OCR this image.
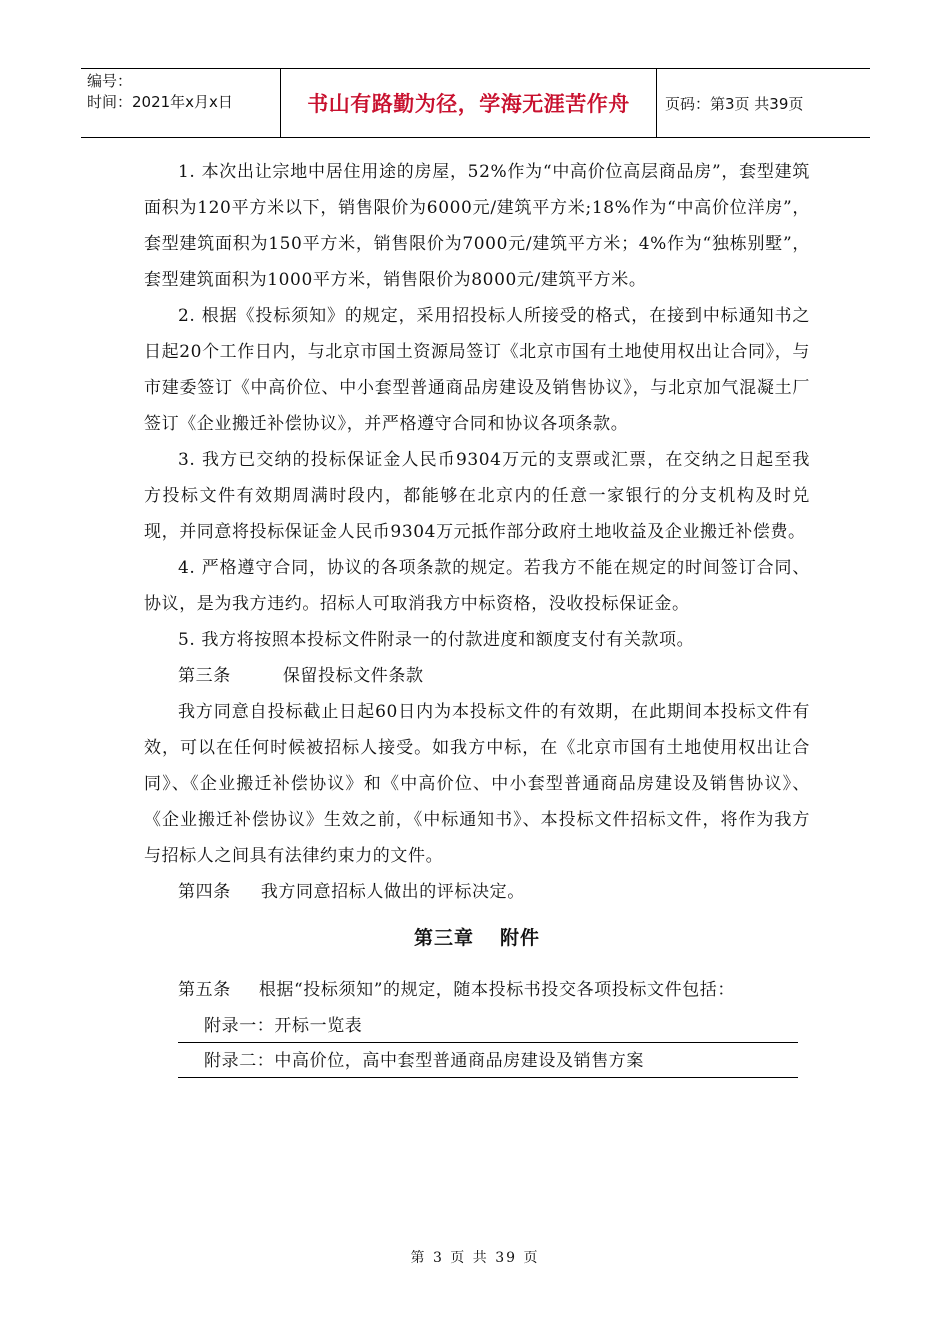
编号：
时间：2021年x月x日	书山有路勤为径，学海无涯苦作舟 页码：第3页 共39页

1. 本次出让宗地中居住用途的房屋，52%作为“中高价位高层商品房”，套型建筑面积为120平方米以下，销售限价为6000元/建筑平方米;18%作为“中高价位洋房”，套型建筑面积为150平方米，销售限价为7000元/建筑平方米；4%作为“独栋别墅”，套型建筑面积为1000平方米，销售限价为8000元/建筑平方米。

2. 根据《投标须知》的规定，采用招投标人所接受的格式，在接到中标通知书之日起20个工作日内，与北京市国土资源局签订《北京市国有土地使用权出让合同》，与市建委签订《中高价位、中小套型普通商品房建设及销售协议》，与北京加气混凝土厂签订《企业搬迁补偿协议》，并严格遵守合同和协议各项条款。

3. 我方已交纳的投标保证金人民币9304万元的支票或汇票，在交纳之日起至我方投标文件有效期周满时段内，都能够在北京内的任意一家银行的分支机构及时兑现，并同意将投标保证金人民币9304万元抵作部分政府土地收益及企业搬迁补偿费。

4. 严格遵守合同，协议的各项条款的规定。若我方不能在规定的时间签订合同、协议，是为我方违约。招标人可取消我方中标资格，没收投标保证金。

5. 我方将按照本投标文件附录一的付款进度和额度支付有关款项。

第三条	保留投标文件条款

我方同意自投标截止日起60日内为本投标文件的有效期，在此期间本投标文件有效，可以在任何时候被招标人接受。如我方中标，在《北京市国有土地使用权出让合同》、《企业搬迁补偿协议》和《中高价位、中小套型普通商品房建设及销售协议》、《企业搬迁补偿协议》生效之前，《中标通知书》、本投标文件招标文件，将作为我方与招标人之间具有法律约束力的文件。

第四条 我方同意招标人做出的评标决定。

第三章 附件

第五条 根据“投标须知”的规定，随本投标书投交各项投标文件包括：

附录一：开标一览表
附录二：中高价位，高中套型普通商品房建设及销售方案
第 3 页 共 39 页
